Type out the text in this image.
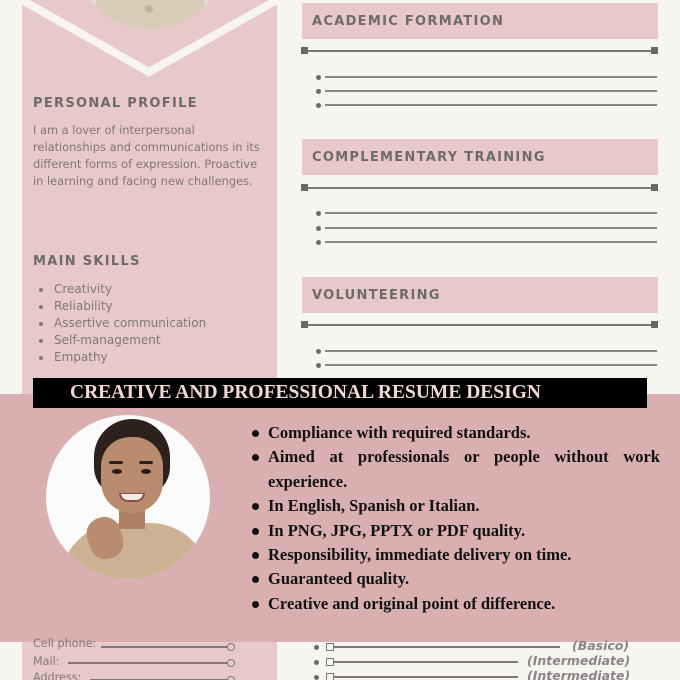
PERSONAL PROFILE
I am a lover of interpersonal relationships and communications in its different forms of expression. Proactive in learning and facing new challenges.
MAIN SKILLS
Creativity
Reliability
Assertive communication
Self-management
Empathy
ACADEMIC FORMATION
COMPLEMENTARY TRAINING
VOLUNTEERING
CREATIVE AND PROFESSIONAL RESUME DESIGN
Compliance with required standards.
Aimed at professionals or people without work experience.
In English, Spanish or Italian.
In PNG, JPG, PPTX or PDF quality.
Responsibility, immediate delivery on time.
Guaranteed quality.
Creative and original point of difference.
Cell phone:
Mail:
Address:
(Basico)
(Intermediate)
(Intermediate)
